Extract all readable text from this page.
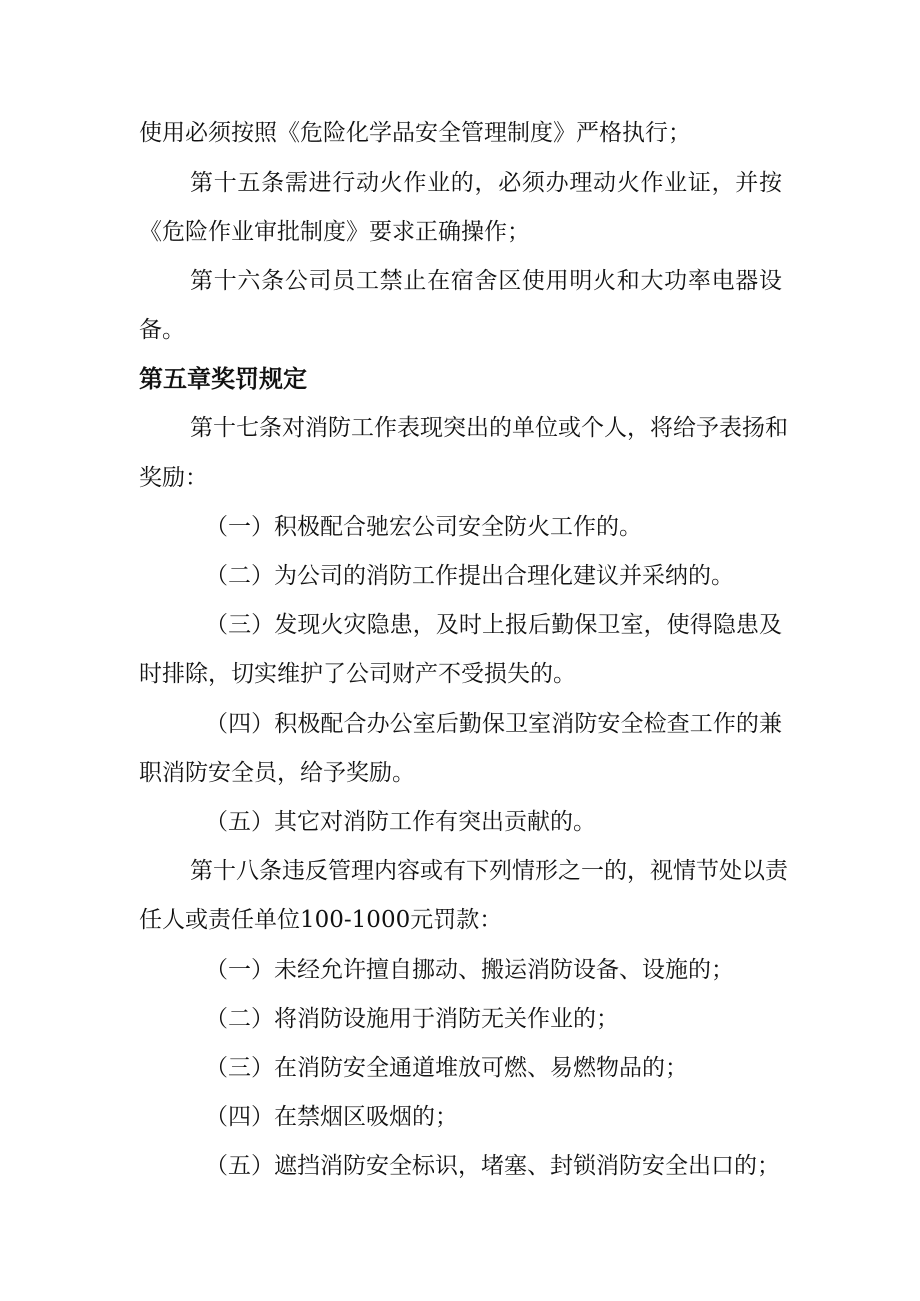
使用必须按照《危险化学品安全管理制度》严格执行；
第十五条需进行动火作业的，必须办理动火作业证，并按
《危险作业审批制度》要求正确操作；
第十六条公司员工禁止在宿舍区使用明火和大功率电器设
备。
第五章奖罚规定
第十七条对消防工作表现突出的单位或个人，将给予表扬和
奖励：
（一）积极配合驰宏公司安全防火工作的。
（二）为公司的消防工作提出合理化建议并采纳的。
（三）发现火灾隐患，及时上报后勤保卫室，使得隐患及
时排除，切实维护了公司财产不受损失的。
（四）积极配合办公室后勤保卫室消防安全检查工作的兼
职消防安全员，给予奖励。
（五）其它对消防工作有突出贡献的。
第十八条违反管理内容或有下列情形之一的，视情节处以责
任人或责任单位100-1000元罚款：
（一）未经允许擅自挪动、搬运消防设备、设施的；
（二）将消防设施用于消防无关作业的；
（三）在消防安全通道堆放可燃、易燃物品的；
（四）在禁烟区吸烟的；
（五）遮挡消防安全标识，堵塞、封锁消防安全出口的；
